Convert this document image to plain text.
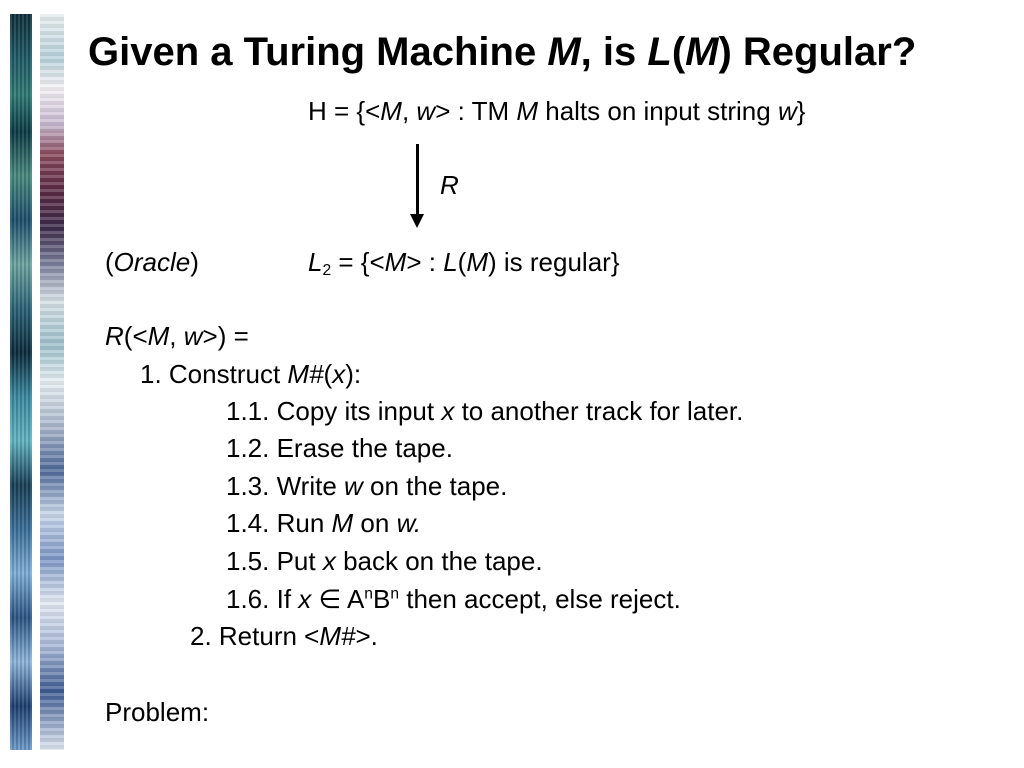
Given a Turing Machine M, is L(M) Regular?

H = {<M, w> : TM M halts on input string w}

R

(Oracle)	$L_2 = \{<M>$ : L(M) is regular}

R(<M, w>) =

1. Construct M#(x):

1.1. Copy its input x to another track for later.

1.2. Erase the tape.

1.3. Write w on the tape.

1.4. Run M on w.

1.5. Put x back on the tape.

1.6. If x ∈ $A^nB^n$ then accept, else reject.

2. Return <M#>.

Problem:
